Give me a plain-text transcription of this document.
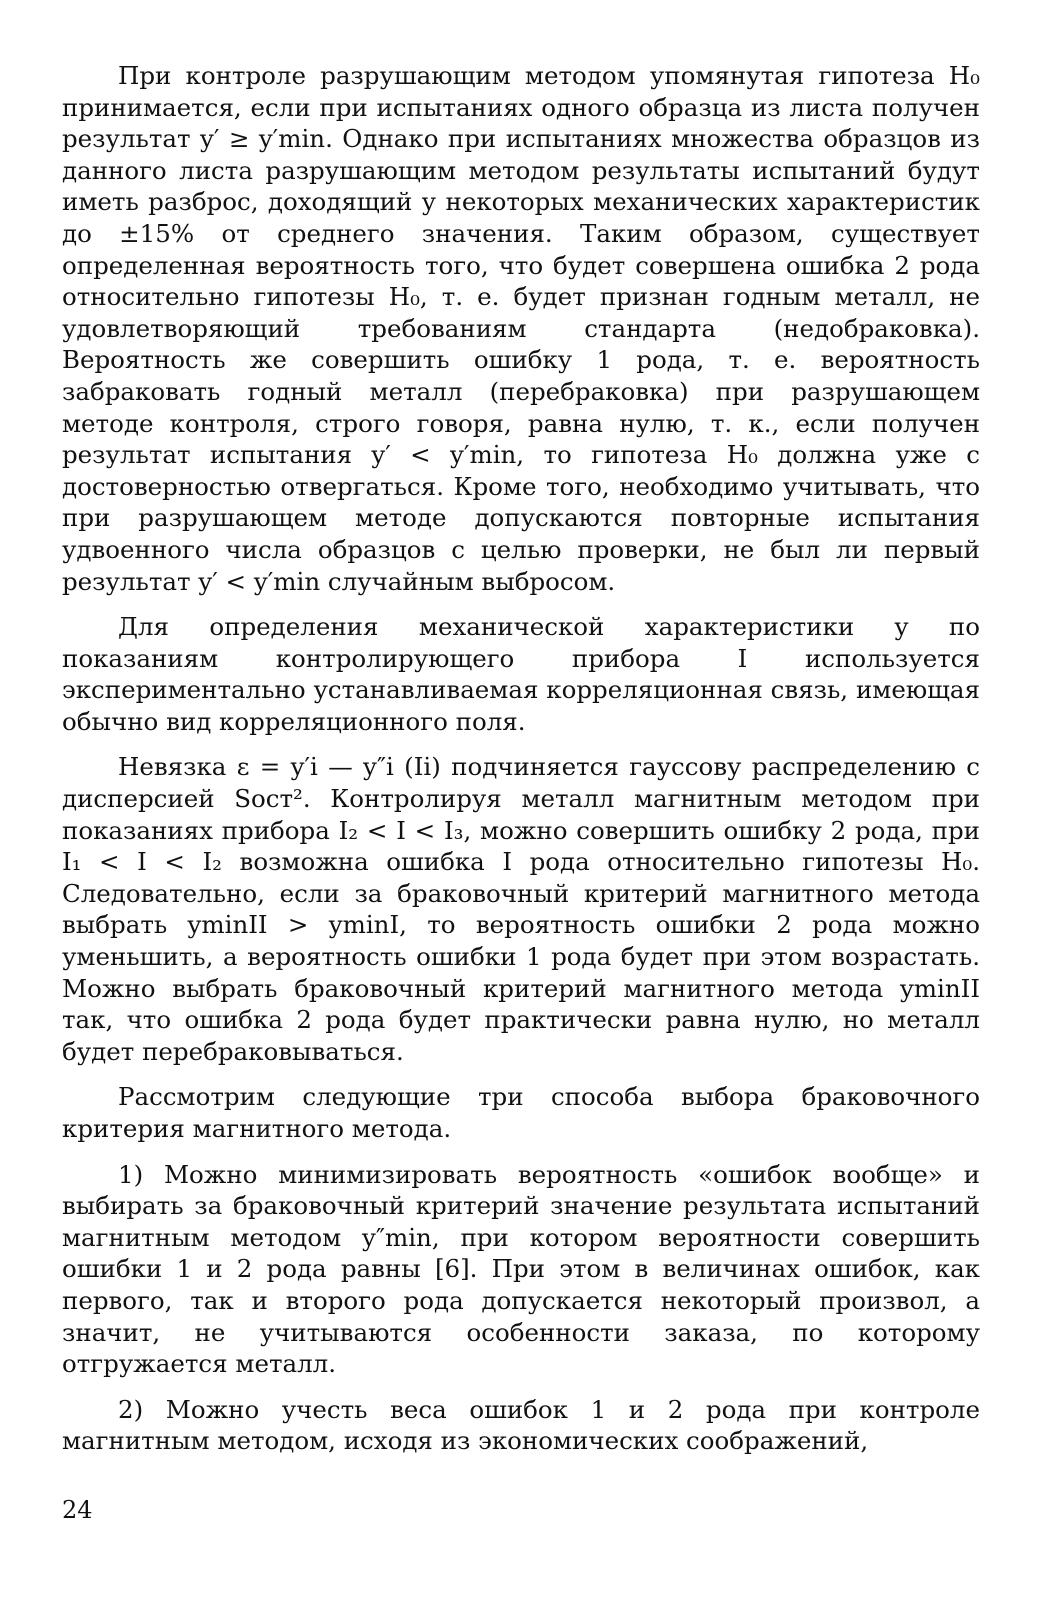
При контроле разрушающим методом упомянутая гипотеза H₀ принимается, если при испытаниях одного образца из листа получен результат y′ ≥ y′min. Однако при испытаниях множества образцов из данного листа разрушающим методом результаты испытаний будут иметь разброс, доходящий у некоторых механических характеристик до ±15% от среднего значения. Таким образом, существует определенная вероятность того, что будет совершена ошибка 2 рода относительно гипотезы H₀, т. е. будет признан годным металл, не удовлетворяющий требованиям стандарта (недобраковка). Вероятность же совершить ошибку 1 рода, т. е. вероятность забраковать годный металл (перебраковка) при разрушающем методе контроля, строго говоря, равна нулю, т. к., если получен результат испытания y′ < y′min, то гипотеза H₀ должна уже с достоверностью отвергаться. Кроме того, необходимо учитывать, что при разрушающем методе допускаются повторные испытания удвоенного числа образцов с целью проверки, не был ли первый результат y′ < y′min случайным выбросом.

Для определения механической характеристики y по показаниям контролирующего прибора I используется экспериментально устанавливаемая корреляционная связь, имеющая обычно вид корреляционного поля.

Невязка ε = y′i — y″i (Ii) подчиняется гауссову распределению с дисперсией Sост². Контролируя металл магнитным методом при показаниях прибора I₂ < I < I₃, можно совершить ошибку 2 рода, при I₁ < I < I₂ возможна ошибка I рода относительно гипотезы H₀. Следовательно, если за браковочный критерий магнитного метода выбрать yminII > yminI, то вероятность ошибки 2 рода можно уменьшить, а вероятность ошибки 1 рода будет при этом возрастать. Можно выбрать браковочный критерий магнитного метода yminII так, что ошибка 2 рода будет практически равна нулю, но металл будет перебраковываться.

Рассмотрим следующие три способа выбора браковочного критерия магнитного метода.

1) Можно минимизировать вероятность «ошибок вообще» и выбирать за браковочный критерий значение результата испытаний магнитным методом y″min, при котором вероятности совершить ошибки 1 и 2 рода равны [6]. При этом в величинах ошибок, как первого, так и второго рода допускается некоторый произвол, а значит, не учитываются особенности заказа, по которому отгружается металл.

2) Можно учесть веса ошибок 1 и 2 рода при контроле магнитным методом, исходя из экономических соображений,

24
